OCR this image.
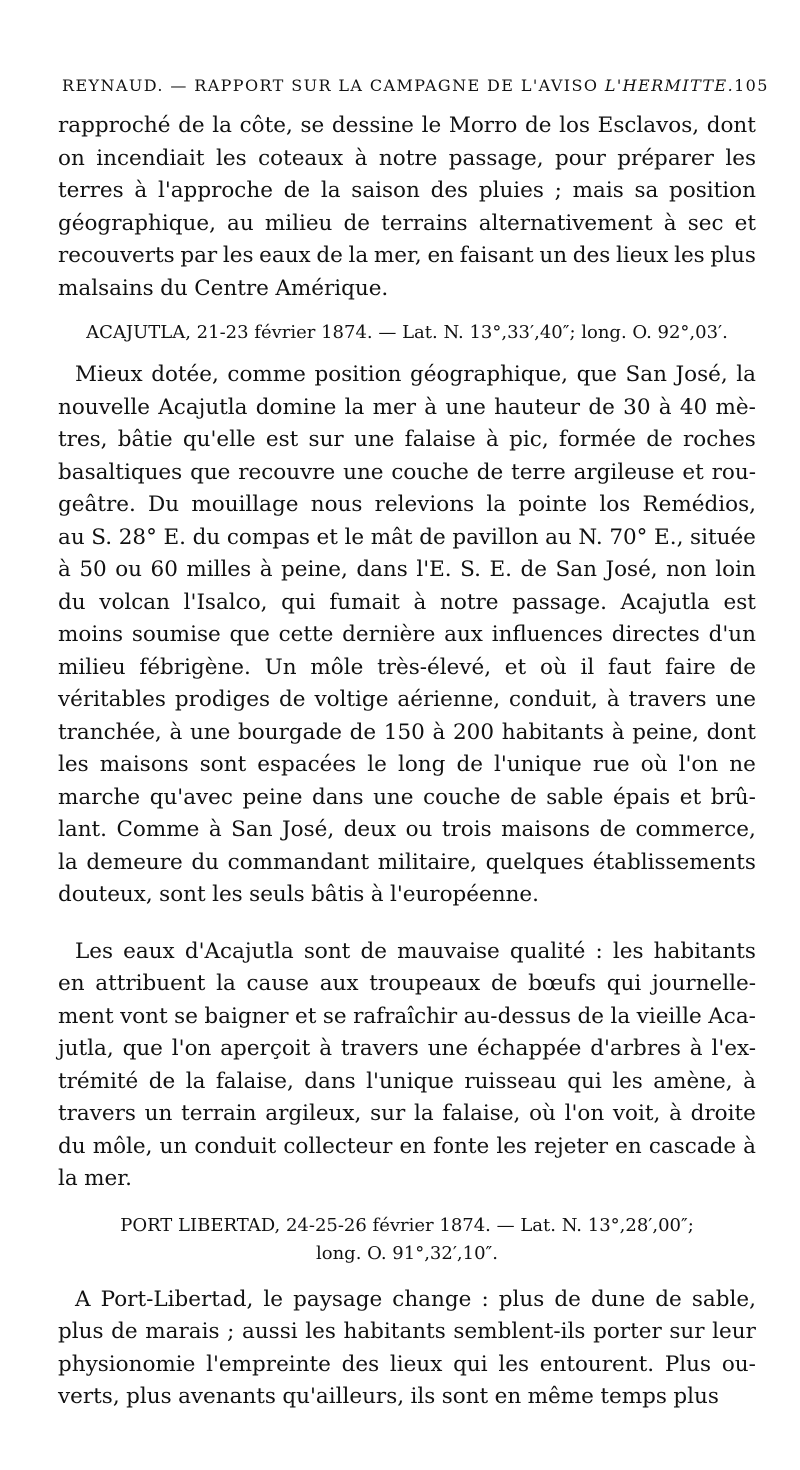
REYNAUD. — RAPPORT SUR LA CAMPAGNE DE L'AVISO L'HERMITTE. 105
rapproché de la côte, se dessine le Morro de los Esclavos, dont
on incendiait les coteaux à notre passage, pour préparer les
terres à l'approche de la saison des pluies ; mais sa position
géographique, au milieu de terrains alternativement à sec et
recouverts par les eaux de la mer, en faisant un des lieux les plus
malsains du Centre Amérique.
ACAJUTLA, 21-23 février 1874. — Lat. N. 13°,33′,40″; long. O. 92°,03′.
Mieux dotée, comme position géographique, que San José, la
nouvelle Acajutla domine la mer à une hauteur de 30 à 40 mè-
tres, bâtie qu'elle est sur une falaise à pic, formée de roches
basaltiques que recouvre une couche de terre argileuse et rou-
geâtre. Du mouillage nous relevions la pointe los Remédios,
au S. 28° E. du compas et le mât de pavillon au N. 70° E., située
à 50 ou 60 milles à peine, dans l'E. S. E. de San José, non loin
du volcan l'Isalco, qui fumait à notre passage. Acajutla est
moins soumise que cette dernière aux influences directes d'un
milieu fébrigène. Un môle très-élevé, et où il faut faire de
véritables prodiges de voltige aérienne, conduit, à travers une
tranchée, à une bourgade de 150 à 200 habitants à peine, dont
les maisons sont espacées le long de l'unique rue où l'on ne
marche qu'avec peine dans une couche de sable épais et brû-
lant. Comme à San José, deux ou trois maisons de commerce,
la demeure du commandant militaire, quelques établissements
douteux, sont les seuls bâtis à l'européenne.
Les eaux d'Acajutla sont de mauvaise qualité : les habitants
en attribuent la cause aux troupeaux de bœufs qui journelle-
ment vont se baigner et se rafraîchir au-dessus de la vieille Aca-
jutla, que l'on aperçoit à travers une échappée d'arbres à l'ex-
trémité de la falaise, dans l'unique ruisseau qui les amène, à
travers un terrain argileux, sur la falaise, où l'on voit, à droite
du môle, un conduit collecteur en fonte les rejeter en cascade à
la mer.
PORT LIBERTAD, 24-25-26 février 1874. — Lat. N. 13°,28′,00″;
long. O. 91°,32′,10″.
A Port-Libertad, le paysage change : plus de dune de sable,
plus de marais ; aussi les habitants semblent-ils porter sur leur
physionomie l'empreinte des lieux qui les entourent. Plus ou-
verts, plus avenants qu'ailleurs, ils sont en même temps plus
